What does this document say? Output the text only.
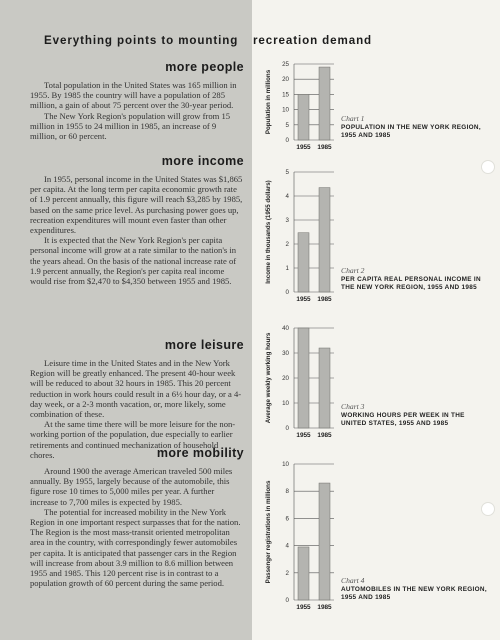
Everything points to mounting recreation demand
more people

Total population in the United States was 165 million in 1955. By 1985 the country will have a population of 285 million, a gain of about 75 percent over the 30-year period.

The New York Region's population will grow from 15 million in 1955 to 24 million in 1985, an increase of 9 million, or 60 percent.

more income

In 1955, personal income in the United States was $1,865 per capita. At the long term per capita economic growth rate of 1.9 percent annually, this figure will reach $3,285 by 1985, based on the same price level. As purchasing power goes up, recreation expenditures will mount even faster than other expenditures.

It is expected that the New York Region's per capita personal income will grow at a rate similar to the nation's in the years ahead. On the basis of the national increase rate of 1.9 percent annually, the Region's per capita real income would rise from $2,470 to $4,350 between 1955 and 1985.

more leisure

Leisure time in the United States and in the New York Region will be greatly enhanced. The present 40-hour week will be reduced to about 32 hours in 1985. This 20 percent reduction in work hours could result in a 6½ hour day, or a 4-day week, or a 2-3 month vacation, or, more likely, some combination of these.

At the same time there will be more leisure for the non-working portion of the population, due especially to earlier retirements and continued mechanization of household chores.	more mobility

Around 1900 the average American traveled 500 miles annually. By 1955, largely because of the automobile, this figure rose 10 times to 5,000 miles per year. A further increase to 7,700 miles is expected by 1985.

The potential for increased mobility in the New York Region in one important respect surpasses that for the nation. The Region is the most mass-transit oriented metropolitan area in the country, with correspondingly fewer automobiles per capita. It is anticipated that passenger cars in the Region will increase from about 3.9 million to 8.6 million between 1955 and 1985. This 120 percent rise is in contrast to a population growth of 60 percent during the same period.

Population in millions
0
5
10
15
20
25
1955 1985
Chart 1
POPULATION IN THE NEW YORK REGION, 1955 AND 1985
Income in thousands (1955 dollars)
0
1
2
3
4
5
1955 1985
Chart 2
PER CAPITA REAL PERSONAL INCOME IN THE NEW YORK REGION, 1955 AND 1985
Average weekly working hours
0
10
20
30
40
1955 1985
Chart 3
WORKING HOURS PER WEEK IN THE UNITED STATES, 1955 AND 1985
Passenger registrations in millions
0
2
4
6
8
10
1955 1985
Chart 4
AUTOMOBILES IN THE NEW YORK REGION, 1955 AND 1985
